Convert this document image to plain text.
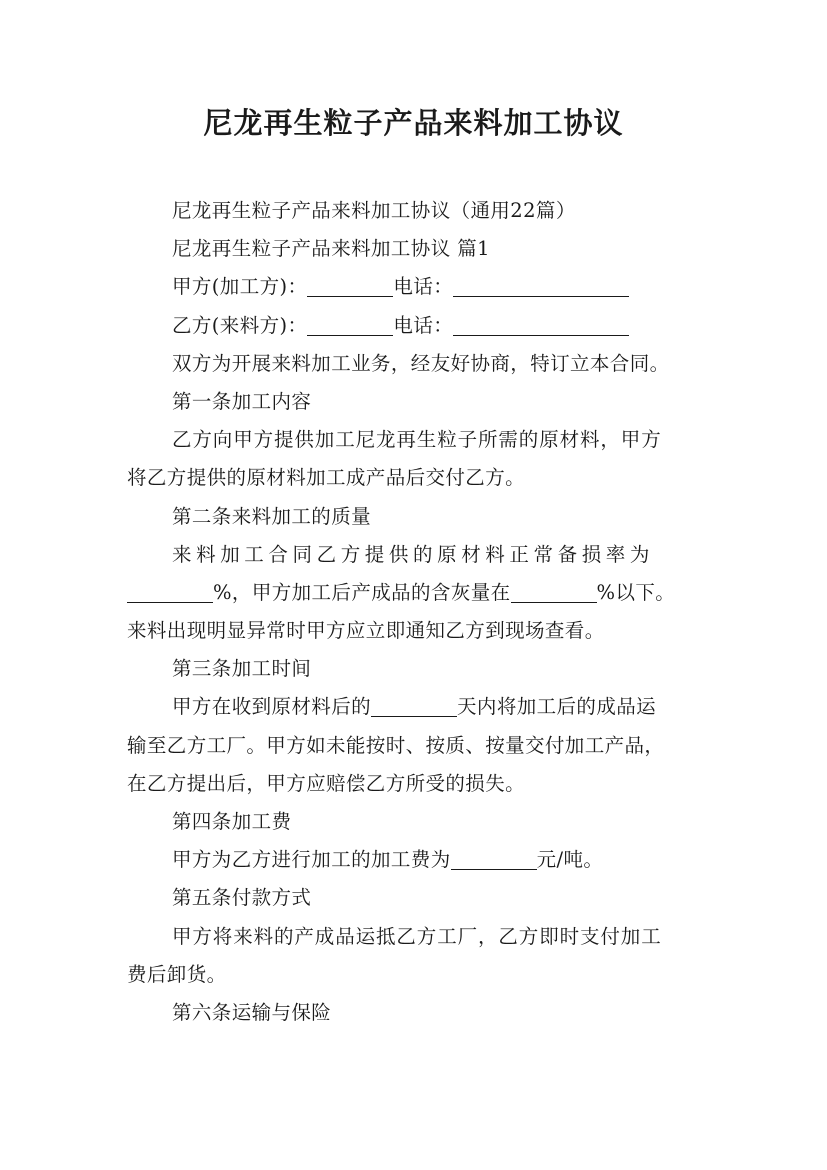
尼龙再生粒子产品来料加工协议
尼龙再生粒子产品来料加工协议（通用22篇）
尼龙再生粒子产品来料加工协议 篇1
甲方(加工方)：	电话：
乙方(来料方)：	电话：
双方为开展来料加工业务，经友好协商，特订立本合同。
第一条加工内容
乙方向甲方提供加工尼龙再生粒子所需的原材料，甲方
将乙方提供的原材料加工成产品后交付乙方。
第二条来料加工的质量
来料加工合同乙方提供的原材料正常备损率为
%，甲方加工后产成品的含灰量在	%以下。
来料出现明显异常时甲方应立即通知乙方到现场查看。
第三条加工时间
甲方在收到原材料后的	天内将加工后的成品运
输至乙方工厂。甲方如未能按时、按质、按量交付加工产品，
在乙方提出后，甲方应赔偿乙方所受的损失。
第四条加工费
甲方为乙方进行加工的加工费为	元/吨。
第五条付款方式
甲方将来料的产成品运抵乙方工厂，乙方即时支付加工
费后卸货。
第六条运输与保险
